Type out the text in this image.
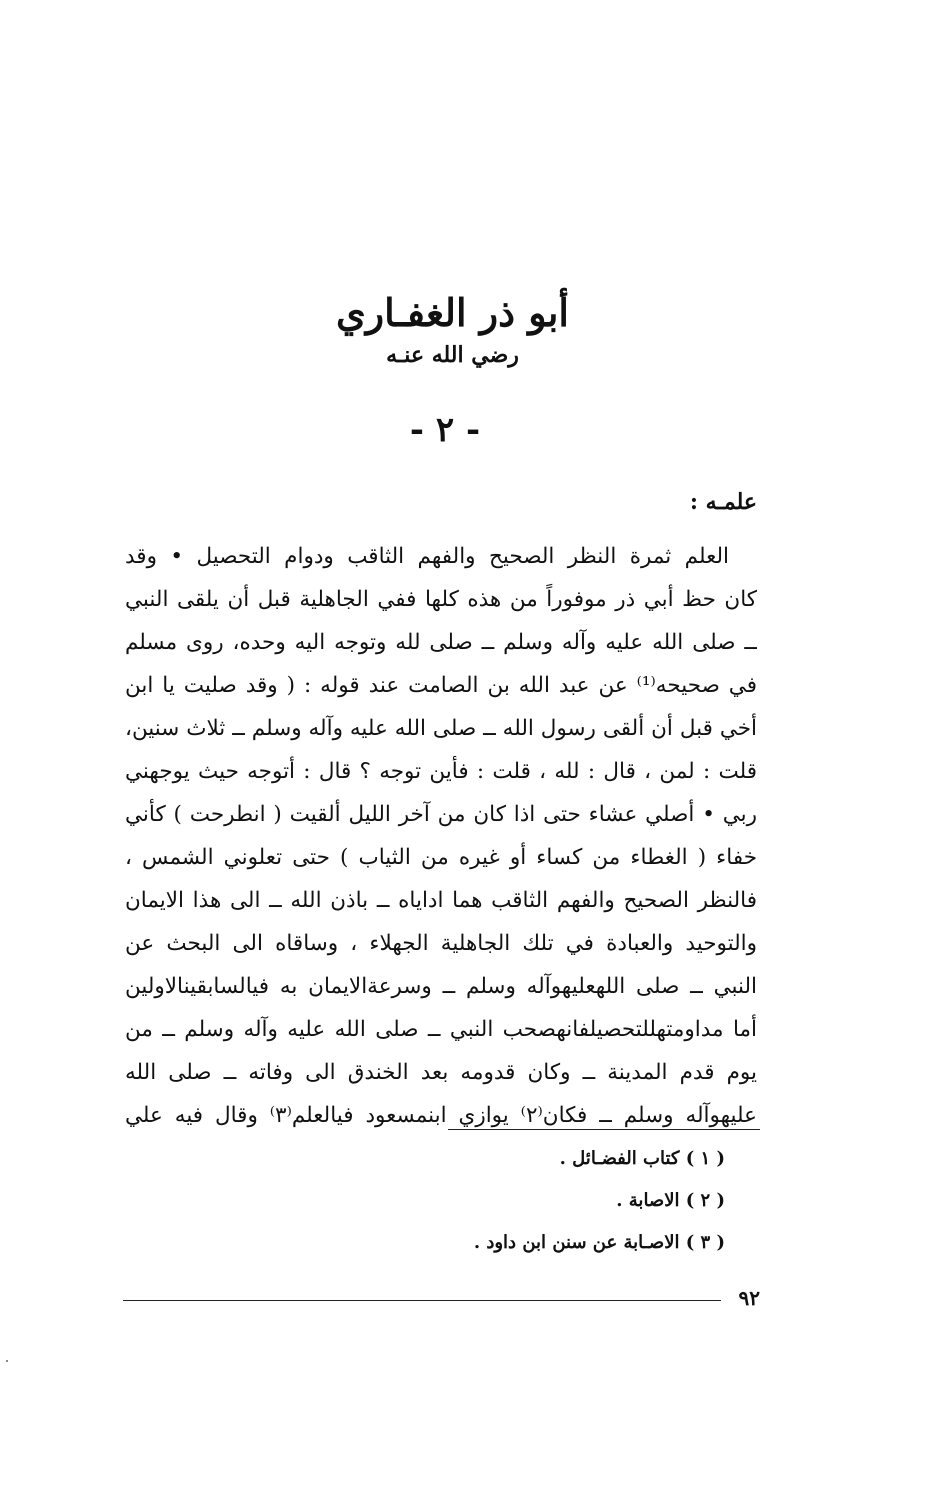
أبو ذر الغفـاري
رضي الله عنـه
- ٢ -
علمـه :
العلم ثمرة النظر الصحيح والفهم الثاقب ودوام التحصيل • وقد
كان حظ أبي ذر موفوراً من هذه كلها ففي الجاهلية قبل أن يلقى النبي
ــ صلى الله عليه وآله وسلم ــ صلى لله وتوجه اليه وحده، روى مسلم
في صحيحه⁽¹⁾ عن عبد الله بن الصامت عند قوله : ( وقد صليت يا ابن
أخي قبل أن ألقى رسول الله ــ صلى الله عليه وآله وسلم ــ ثلاث سنين،
قلت : لمن ، قال : لله ، قلت : فأين توجه ؟ قال : أتوجه حيث يوجهني
ربي • أصلي عشاء حتى اذا كان من آخر الليل ألقيت ( انطرحت ) كأني
خفاء ( الغطاء من كساء أو غيره من الثياب ) حتى تعلوني الشمس ،
فالنظر الصحيح والفهم الثاقب هما اداياه ــ باذن الله ــ الى هذا الايمان
والتوحيد والعبادة في تلك الجاهلية الجهلاء ، وساقاه الى البحث عن
النبي ــ صلى اللهعليهوآله وسلم ــ وسرعةالايمان به فيالسابقينالاولين
أما مداومتهللتحصيلفانهصحب النبي ــ صلى الله عليه وآله وسلم ــ من
يوم قدم المدينة ــ وكان قدومه بعد الخندق الى وفاته ــ صلى الله
عليهوآله وسلم ــ فكان⁽٢⁾ يوازي ابنمسعود فيالعلم⁽٣⁾ وقال فيه علي
( ١ ) كتاب الفضـائل .
( ٢ ) الاصابة .
( ٣ ) الاصـابة عن سنن ابن داود .
٩٢
